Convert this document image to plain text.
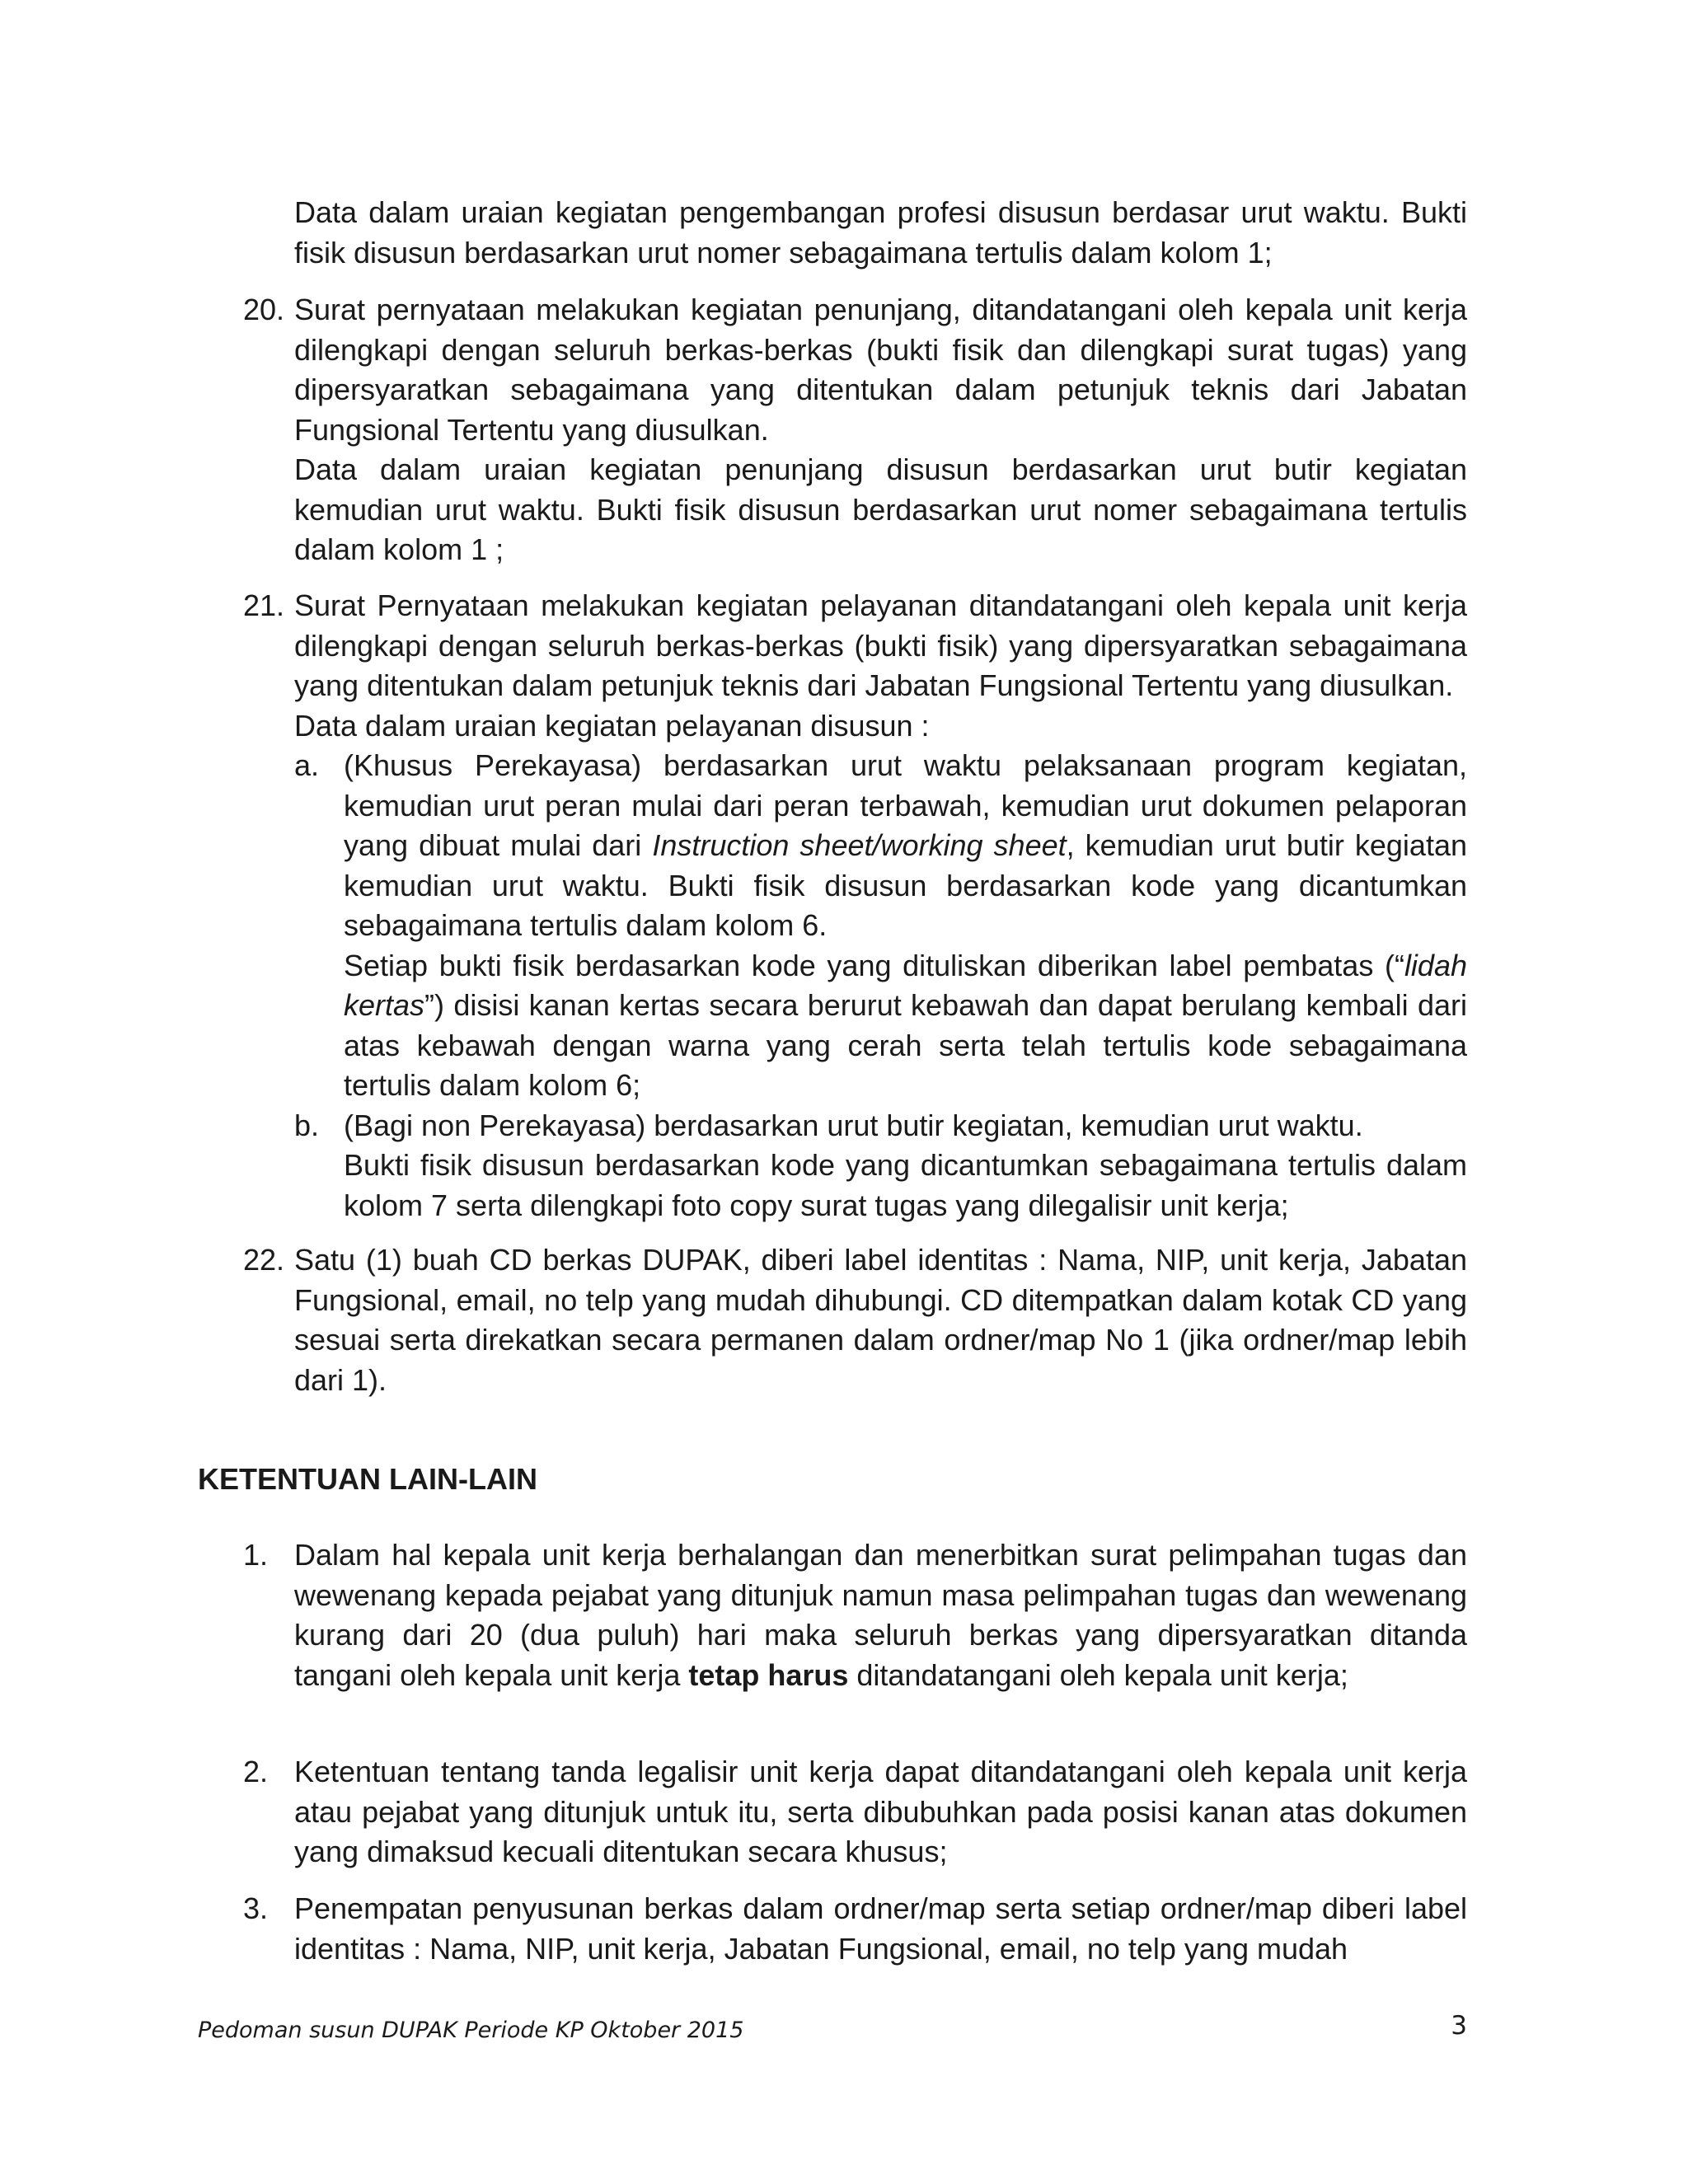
Data dalam uraian kegiatan pengembangan profesi disusun berdasar urut waktu. Bukti fisik disusun berdasarkan urut nomer sebagaimana tertulis dalam kolom 1;

20. Surat pernyataan melakukan kegiatan penunjang, ditandatangani oleh kepala unit kerja dilengkapi dengan seluruh berkas-berkas (bukti fisik dan dilengkapi surat tugas) yang dipersyaratkan sebagaimana yang ditentukan dalam petunjuk teknis dari Jabatan Fungsional Tertentu yang diusulkan.

Data dalam uraian kegiatan penunjang disusun berdasarkan urut butir kegiatan kemudian urut waktu. Bukti fisik disusun berdasarkan urut nomer sebagaimana tertulis dalam kolom 1 ;

21. Surat Pernyataan melakukan kegiatan pelayanan ditandatangani oleh kepala unit kerja dilengkapi dengan seluruh berkas-berkas (bukti fisik) yang dipersyaratkan sebagaimana yang ditentukan dalam petunjuk teknis dari Jabatan Fungsional Tertentu yang diusulkan.

Data dalam uraian kegiatan pelayanan disusun :

a. (Khusus Perekayasa) berdasarkan urut waktu pelaksanaan program kegiatan, kemudian urut peran mulai dari peran terbawah, kemudian urut dokumen pelaporan yang dibuat mulai dari Instruction sheet/working sheet, kemudian urut butir kegiatan kemudian urut waktu. Bukti fisik disusun berdasarkan kode yang dicantumkan sebagaimana tertulis dalam kolom 6.

Setiap bukti fisik berdasarkan kode yang dituliskan diberikan label pembatas (“lidah kertas”) disisi kanan kertas secara berurut kebawah dan dapat berulang kembali dari atas kebawah dengan warna yang cerah serta telah tertulis kode sebagaimana tertulis dalam kolom 6;

b. (Bagi non Perekayasa) berdasarkan urut butir kegiatan, kemudian urut waktu.

Bukti fisik disusun berdasarkan kode yang dicantumkan sebagaimana tertulis dalam kolom 7 serta dilengkapi foto copy surat tugas yang dilegalisir unit kerja;

22. Satu (1) buah CD berkas DUPAK, diberi label identitas : Nama, NIP, unit kerja, Jabatan Fungsional, email, no telp yang mudah dihubungi. CD ditempatkan dalam kotak CD yang sesuai serta direkatkan secara permanen dalam ordner/map No 1 (jika ordner/map lebih dari 1).

KETENTUAN LAIN-LAIN
1. Dalam hal kepala unit kerja berhalangan dan menerbitkan surat pelimpahan tugas dan wewenang kepada pejabat yang ditunjuk namun masa pelimpahan tugas dan wewenang kurang dari 20 (dua puluh) hari maka seluruh berkas yang dipersyaratkan ditanda tangani oleh kepala unit kerja tetap harus ditandatangani oleh kepala unit kerja;

2. Ketentuan tentang tanda legalisir unit kerja dapat ditandatangani oleh kepala unit kerja atau pejabat yang ditunjuk untuk itu, serta dibubuhkan pada posisi kanan atas dokumen yang dimaksud kecuali ditentukan secara khusus;

3. Penempatan penyusunan berkas dalam ordner/map serta setiap ordner/map diberi label identitas : Nama, NIP, unit kerja, Jabatan Fungsional, email, no telp yang mudah

Pedoman susun DUPAK Periode KP Oktober 2015	3
